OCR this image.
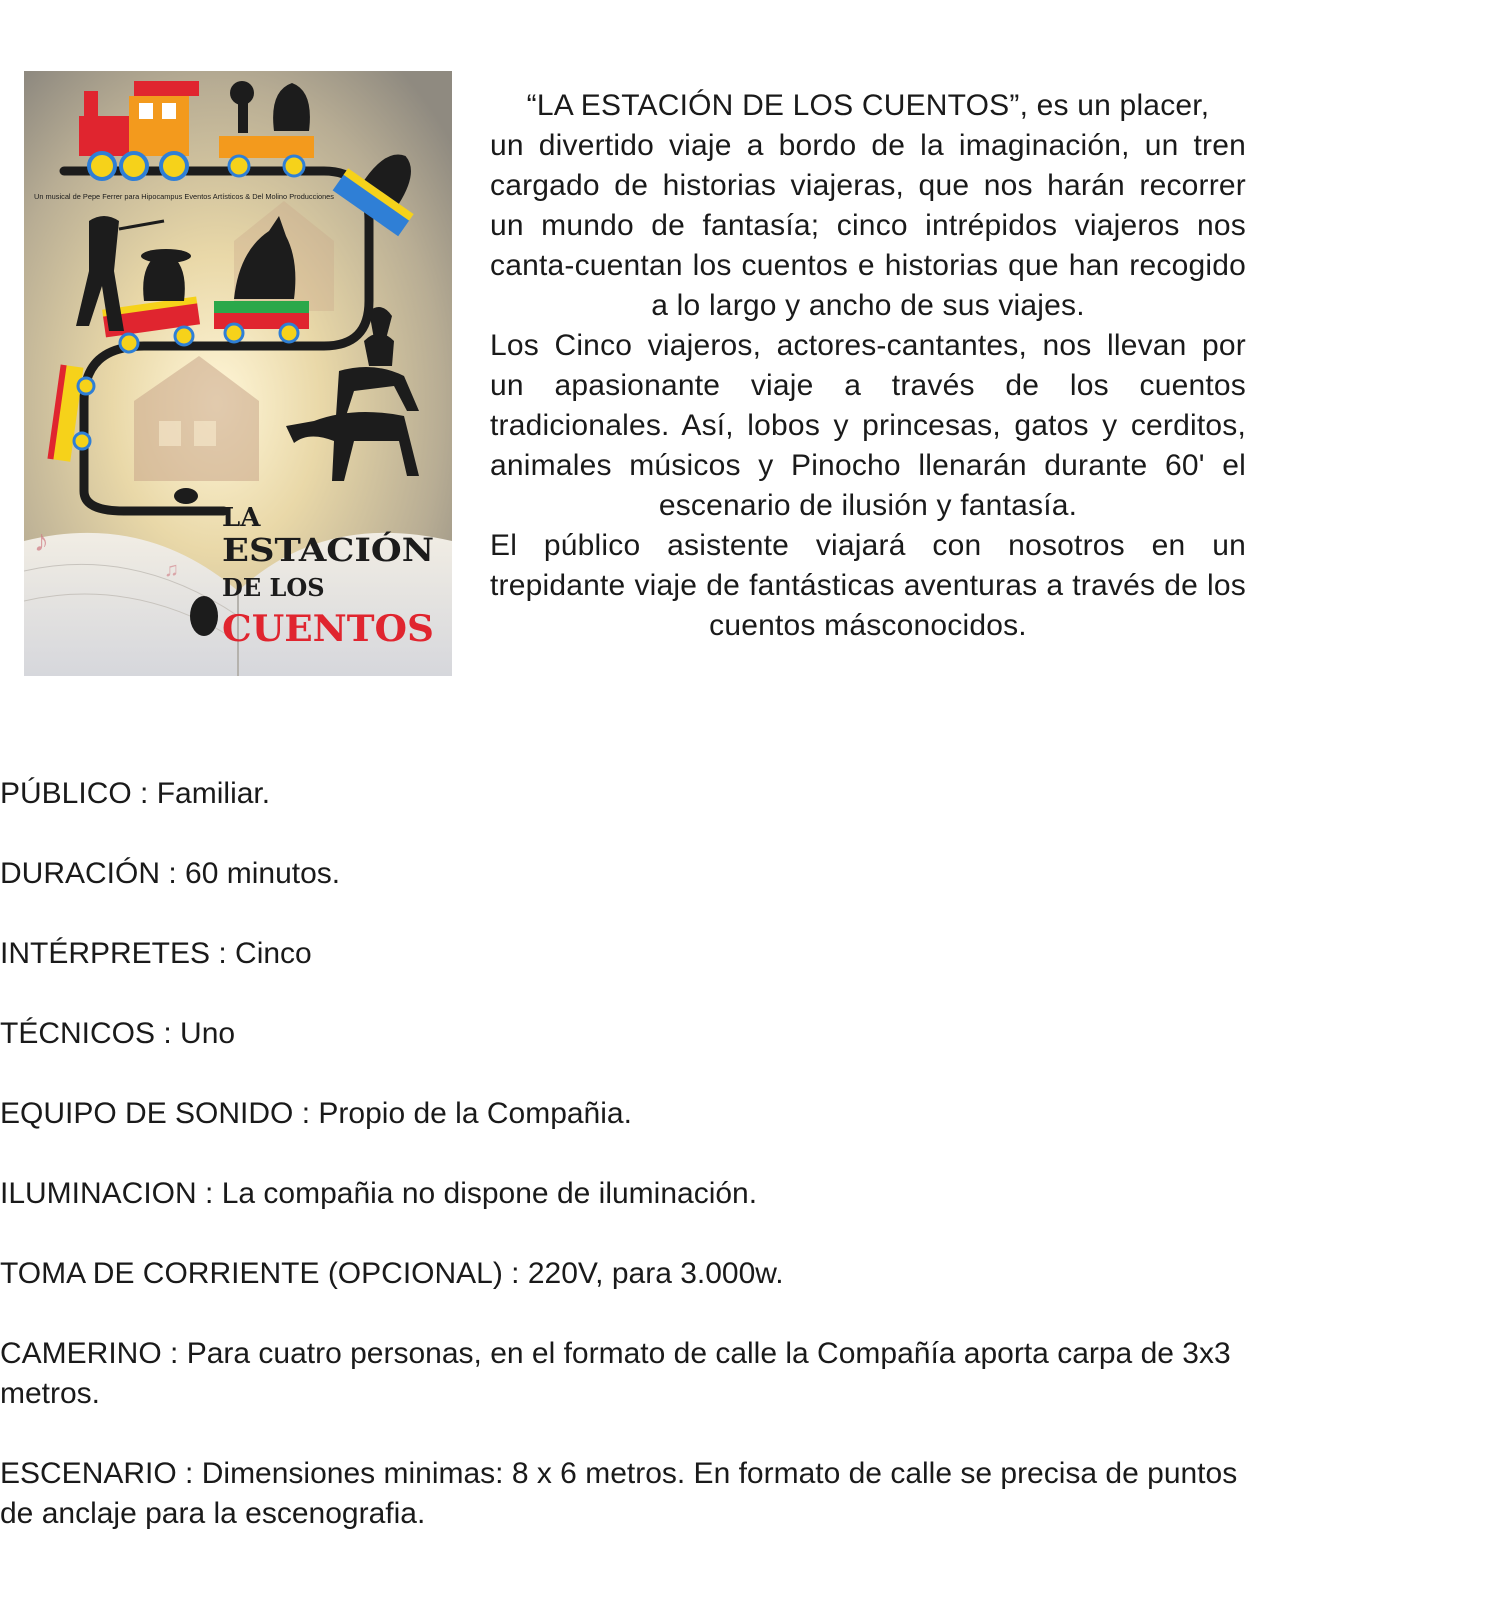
Un musical de Pepe Ferrer para Hipocampus Eventos Artísticos & Del Molino Producciones
LA
ESTACIÓN
DE LOS
CUENTOS
♪
♫

“LA ESTACIÓN DE LOS CUENTOS”, es un placer,

un divertido viaje a bordo de la imaginación, un tren cargado de historias viajeras, que nos harán recorrer un mundo de fantasía; cinco intrépidos viajeros nos canta-cuentan los cuentos e historias que han recogido a lo largo y ancho de sus viajes.

Los Cinco viajeros, actores-cantantes, nos llevan por un apasionante viaje a través de los cuentos tradicionales. Así, lobos y princesas, gatos y cerditos, animales músicos y Pinocho llenarán durante 60' el escenario de ilusión y fantasía.

El público asistente viajará con nosotros en un trepidante viaje de fantásticas aventuras a través de los cuentos másconocidos.

PÚBLICO : Familiar.

DURACIÓN : 60 minutos.

INTÉRPRETES : Cinco

TÉCNICOS : Uno

EQUIPO DE SONIDO : Propio de la Compañia.

ILUMINACION : La compañia no dispone de iluminación.

TOMA DE CORRIENTE (OPCIONAL) : 220V, para 3.000w.

CAMERINO : Para cuatro personas, en el formato de calle la Compañía aporta carpa de 3x3 metros.

ESCENARIO : Dimensiones minimas: 8 x 6 metros. En formato de calle se precisa de puntos de anclaje para la escenografia.
